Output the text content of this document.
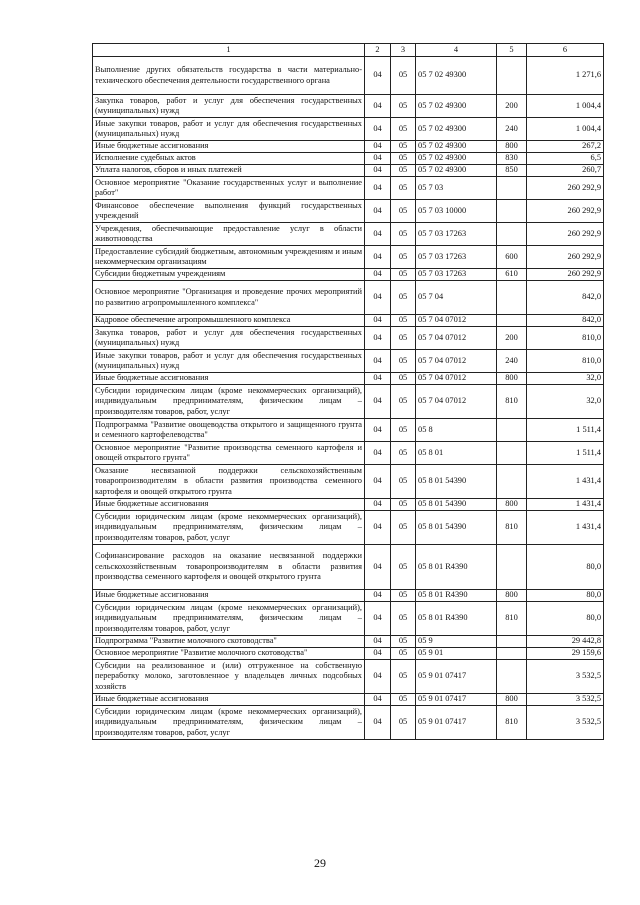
1	2	3	4	5	6
Выполнение других обязательств государства в части материально-технического обеспечения деятельности государственного органа	04	05	05 7 02 49300		1 271,6
Закупка товаров, работ и услуг для обеспечения государственных (муниципальных) нужд	04	05	05 7 02 49300	200	1 004,4
Иные закупки товаров, работ и услуг для обеспечения государственных (муниципальных) нужд	04	05	05 7 02 49300	240	1 004,4
Иные бюджетные ассигнования	04	05	05 7 02 49300	800	267,2
Исполнение судебных актов	04	05	05 7 02 49300	830	6,5
Уплата налогов, сборов и иных платежей	04	05	05 7 02 49300	850	260,7
Основное мероприятие "Оказание государственных услуг и выполнение работ"	04	05	05 7 03		260 292,9
Финансовое обеспечение выполнения функций государственных учреждений	04	05	05 7 03 10000		260 292,9
Учреждения, обеспечивающие предоставление услуг в области животноводства	04	05	05 7 03 17263		260 292,9
Предоставление субсидий бюджетным, автономным учреждениям и иным некоммерческим организациям	04	05	05 7 03 17263	600	260 292,9
Субсидии бюджетным учреждениям	04	05	05 7 03 17263	610	260 292,9
Основное мероприятие "Организация и проведение прочих мероприятий по развитию агропромышленного комплекса"	04	05	05 7 04		842,0
Кадровое обеспечение агропромышленного комплекса	04	05	05 7 04 07012		842,0
Закупка товаров, работ и услуг для обеспечения государственных (муниципальных) нужд	04	05	05 7 04 07012	200	810,0
Иные закупки товаров, работ и услуг для обеспечения государственных (муниципальных) нужд	04	05	05 7 04 07012	240	810,0
Иные бюджетные ассигнования	04	05	05 7 04 07012	800	32,0
Субсидии юридическим лицам (кроме некоммерческих организаций), индивидуальным предпринимателям, физическим лицам – производителям товаров, работ, услуг	04	05	05 7 04 07012	810	32,0
Подпрограмма "Развитие овощеводства открытого и защищенного грунта и семенного картофелеводства"	04	05	05 8		1 511,4
Основное мероприятие "Развитие производства семенного картофеля и овощей открытого грунта"	04	05	05 8 01		1 511,4
Оказание несвязанной поддержки сельскохозяйственным товаропроизводителям в области развития производства семенного картофеля и овощей открытого грунта	04	05	05 8 01 54390		1 431,4
Иные бюджетные ассигнования	04	05	05 8 01 54390	800	1 431,4
Субсидии юридическим лицам (кроме некоммерческих организаций), индивидуальным предпринимателям, физическим лицам – производителям товаров, работ, услуг	04	05	05 8 01 54390	810	1 431,4
Софинансирование расходов на оказание несвязанной поддержки сельскохозяйственным товаропроизводителям в области развития производства семенного картофеля и овощей открытого грунта	04	05	05 8 01 R4390		80,0
Иные бюджетные ассигнования	04	05	05 8 01 R4390	800	80,0
Субсидии юридическим лицам (кроме некоммерческих организаций), индивидуальным предпринимателям, физическим лицам – производителям товаров, работ, услуг	04	05	05 8 01 R4390	810	80,0
Подпрограмма "Развитие молочного скотоводства"	04	05	05 9		29 442,8
Основное мероприятие "Развитие молочного скотоводства"	04	05	05 9 01		29 159,6
Субсидии на реализованное и (или) отгруженное на собственную переработку молоко, заготовленное у владельцев личных подсобных хозяйств	04	05	05 9 01 07417		3 532,5
Иные бюджетные ассигнования	04	05	05 9 01 07417	800	3 532,5
Субсидии юридическим лицам (кроме некоммерческих организаций), индивидуальным предпринимателям, физическим лицам – производителям товаров, работ, услуг	04	05	05 9 01 07417	810	3 532,5
29
